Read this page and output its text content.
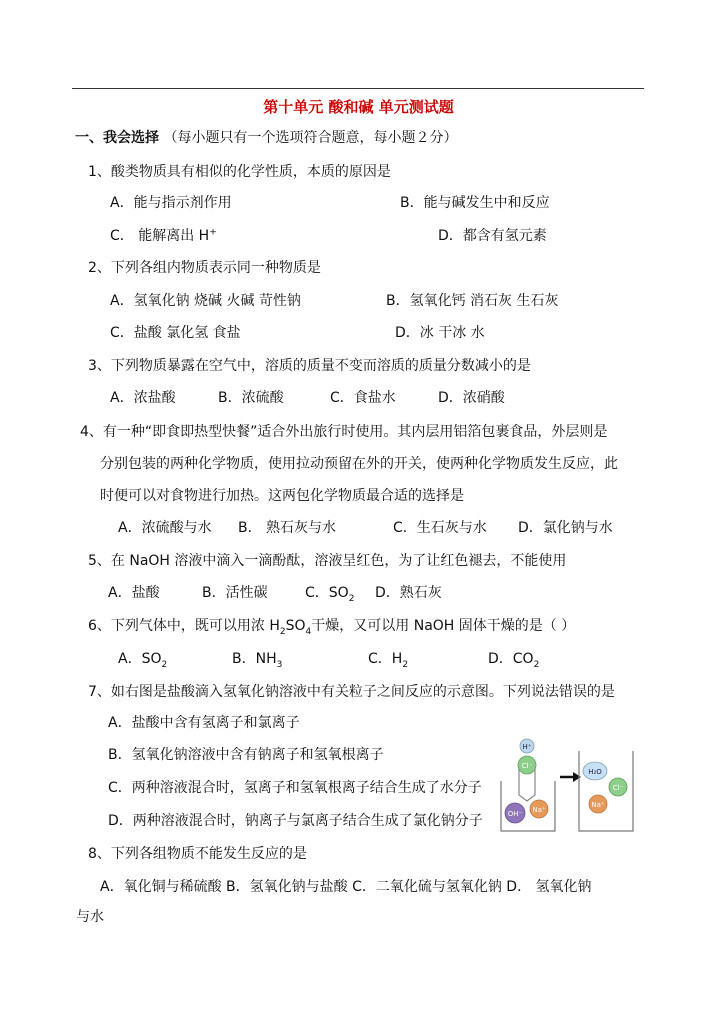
第十单元 酸和碱 单元测试题
一、我会选择 （每小题只有一个选项符合题意，每小题２分）
1、酸类物质具有相似的化学性质，本质的原因是
A．能与指示剂作用	B．能与碱发生中和反应
C． 能解离出 H+	D．都含有氢元素
2、下列各组内物质表示同一种物质是
A．氢氧化钠 烧碱 火碱 苛性钠	B．氢氧化钙 消石灰 生石灰
C．盐酸 氯化氢 食盐	D．冰 干冰 水
3、下列物质暴露在空气中，溶质的质量不变而溶质的质量分数减小的是
A．浓盐酸	B．浓硫酸	C．食盐水	D．浓硝酸
4、有一种“即食即热型快餐”适合外出旅行时使用。其内层用铝箔包裹食品，外层则是
分别包装的两种化学物质，使用拉动预留在外的开关，使两种化学物质发生反应，此
时便可以对食物进行加热。这两包化学物质最合适的选择是
A．浓硫酸与水 B． 熟石灰与水	C．生石灰与水 D．氯化钠与水
5、在 NaOH 溶液中滴入一滴酚酞，溶液呈红色，为了让红色褪去，不能使用
A．盐酸	B．活性碳	C．$SO_2$ D．熟石灰
6、下列气体中，既可以用浓 $H_2SO_4$干燥，又可以用 NaOH 固体干燥的是（ ）
A．$SO_2$	B．$NH_3$	C．$H_2$	D．$CO_2$
7、如右图是盐酸滴入氢氧化钠溶液中有关粒子之间反应的示意图。下列说法错误的是
A．盐酸中含有氢离子和氯离子
B．氢氧化钠溶液中含有钠离子和氢氧根离子
C．两种溶液混合时，氢离子和氢氧根离子结合生成了水分子
D．两种溶液混合时，钠离子与氯离子结合生成了氯化钠分子
H⁺
Cl⁻
OH⁻ Na⁺
H₂O
Cl⁻
Na⁺
8、下列各组物质不能发生反应的是
A．氧化铜与稀硫酸 B．氢氧化钠与盐酸 C．二氧化硫与氢氧化钠 D． 氢氧化钠
与水
